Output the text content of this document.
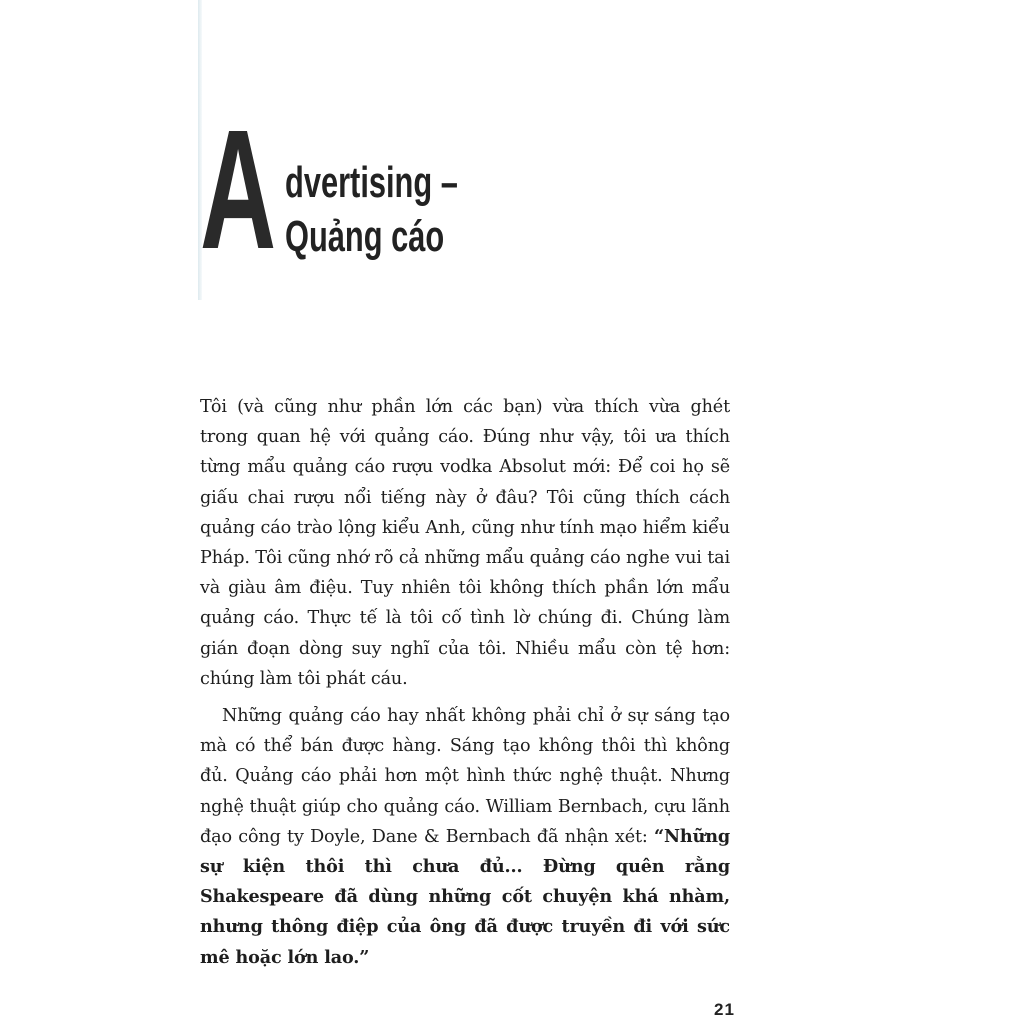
A dvertising –
Quảng cáo

Tôi (và cũng như phần lớn các bạn) vừa thích vừa ghét trong quan hệ với quảng cáo. Đúng như vậy, tôi ưa thích từng mẩu quảng cáo rượu vodka Absolut mới: Để coi họ sẽ giấu chai rượu nổi tiếng này ở đâu? Tôi cũng thích cách quảng cáo trào lộng kiểu Anh, cũng như tính mạo hiểm kiểu Pháp. Tôi cũng nhớ rõ cả những mẩu quảng cáo nghe vui tai và giàu âm điệu. Tuy nhiên tôi không thích phần lớn mẩu quảng cáo. Thực tế là tôi cố tình lờ chúng đi. Chúng làm gián đoạn dòng suy nghĩ của tôi. Nhiều mẩu còn tệ hơn: chúng làm tôi phát cáu.

Những quảng cáo hay nhất không phải chỉ ở sự sáng tạo mà có thể bán được hàng. Sáng tạo không thôi thì không đủ. Quảng cáo phải hơn một hình thức nghệ thuật. Nhưng nghệ thuật giúp cho quảng cáo. William Bernbach, cựu lãnh đạo công ty Doyle, Dane & Bernbach đã nhận xét: “Những sự kiện thôi thì chưa đủ... Đừng quên rằng Shakespeare đã dùng những cốt chuyện khá nhàm, nhưng thông điệp của ông đã được truyền đi với sức mê hoặc lớn lao.”

21
